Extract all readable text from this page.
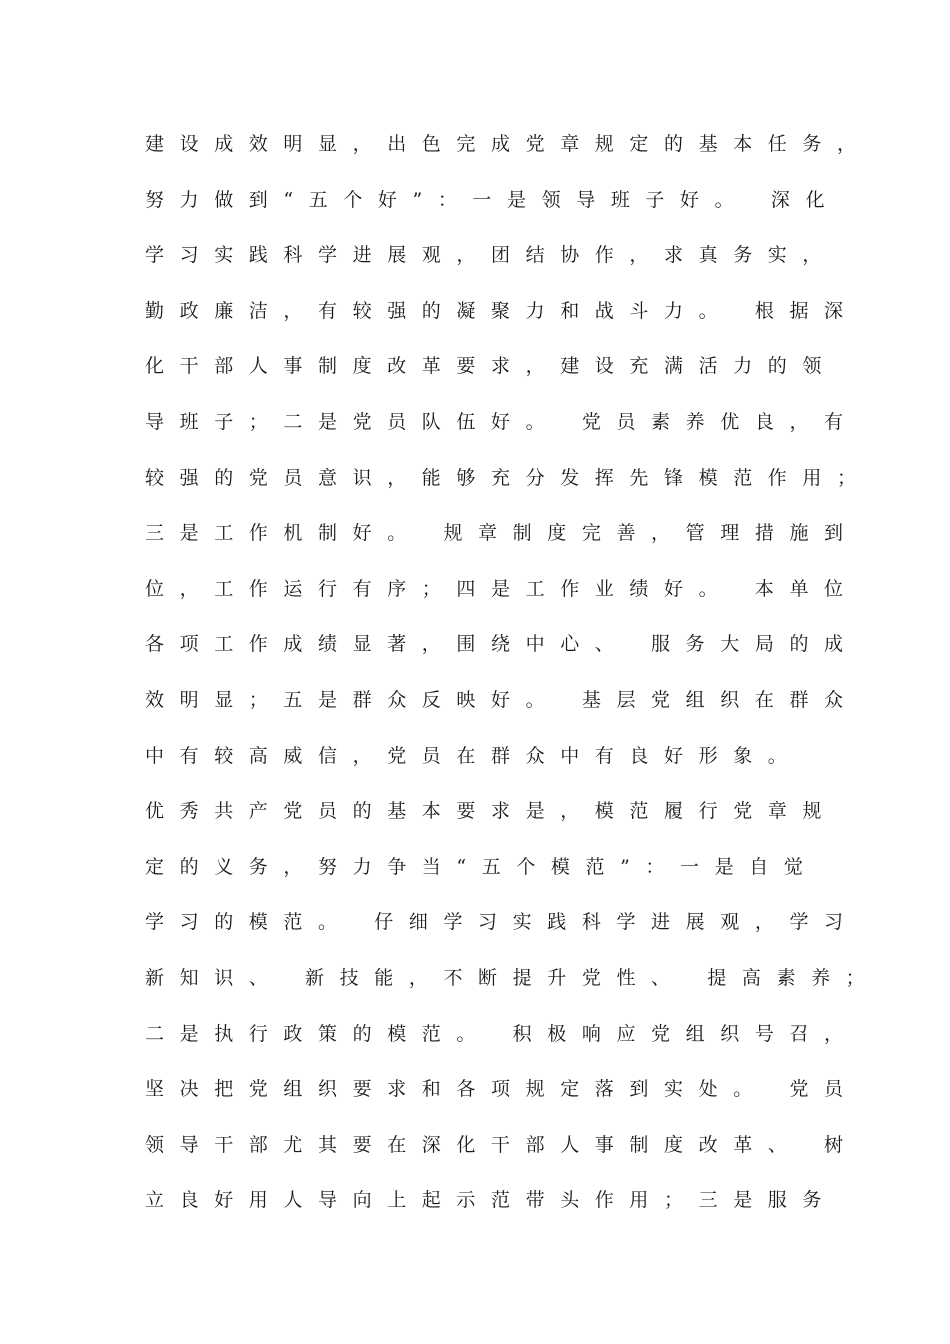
建设成效明显，出色完成党章规定的基本任务，
努力做到“五个好”：一是领导班子好。 深化
学习实践科学进展观，团结协作，求真务实，
勤政廉洁，有较强的凝聚力和战斗力。 根据深
化干部人事制度改革要求，建设充满活力的领
导班子；二是党员队伍好。 党员素养优良，有
较强的党员意识，能够充分发挥先锋模范作用；
三是工作机制好。 规章制度完善，管理措施到
位，工作运行有序；四是工作业绩好。 本单位
各项工作成绩显著，围绕中心、 服务大局的成
效明显；五是群众反映好。 基层党组织在群众
中有较高威信，党员在群众中有良好形象。
优秀共产党员的基本要求是，模范履行党章规
定的义务，努力争当“五个模范”：一是自觉
学习的模范。 仔细学习实践科学进展观，学习
新知识、 新技能，不断提升党性、 提高素养；
二是执行政策的模范。 积极响应党组织号召，
坚决把党组织要求和各项规定落到实处。 党员
领导干部尤其要在深化干部人事制度改革、 树
立良好用人导向上起示范带头作用；三是服务
